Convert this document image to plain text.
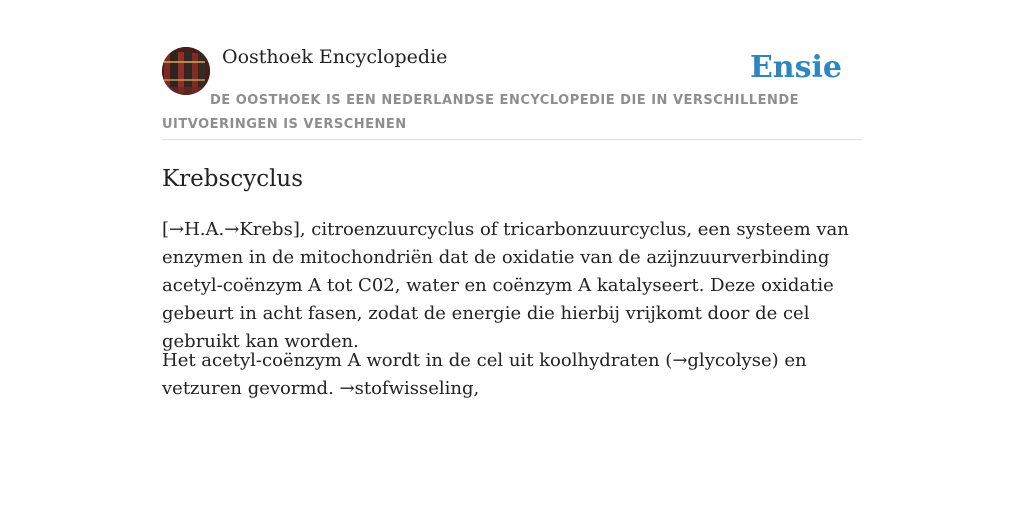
Oosthoek Encyclopedie	Ensie
DE OOSTHOEK IS EEN NEDERLANDSE ENCYCLOPEDIE DIE IN VERSCHILLENDE UITVOERINGEN IS VERSCHENEN
Krebscyclus

[→H.A.→Krebs], citroenzuurcyclus of tricarbonzuurcyclus, een systeem van enzymen in de mitochondriën dat de oxidatie van de azijnzuurverbinding acetyl-coënzym A tot C02, water en coënzym A katalyseert. Deze oxidatie gebeurt in acht fasen, zodat de energie die hierbij vrijkomt door de cel gebruikt kan worden.

Het acetyl-coënzym A wordt in de cel uit koolhydraten (→glycolyse) en vetzuren gevormd. →stofwisseling,
